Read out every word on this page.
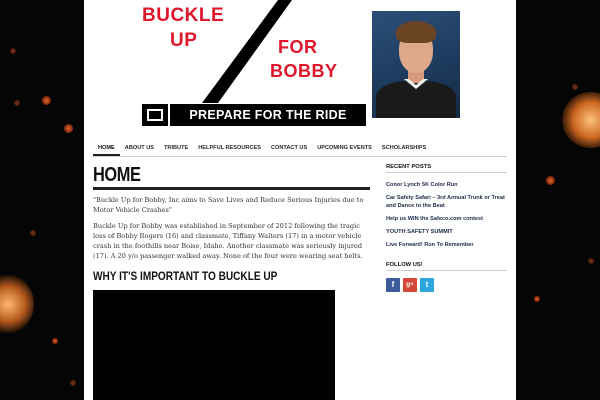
BUCKLE
UP	FOR
BOBBY
PREPARE FOR THE RIDE
HOME	ABOUT US	TRIBUTE	HELPFUL RESOURCES	CONTACT US	UPCOMING EVENTS	SCHOLARSHIPS
HOME

"Buckle Up for Bobby, Inc aims to Save Lives and Reduce Serious Injuries due to Motor Vehicle Crashes"

Buckle Up for Bobby was established in September of 2012 following the tragic loss of Bobby Rogers (16) and classmate, Tiffany Walters (17) in a motor vehicle crash in the foothills near Boise, Idaho. Another classmate was seriously injured (17). A 20 y/o passenger walked away. None of the four were wearing seat belts.

WHY IT'S IMPORTANT TO BUCKLE UP
RECENT POSTS
Conor Lynch 5K Color Run
Car Safety Safari – 3rd Annual Trunk or Treat and Dance to the Beat
Help us WIN the Safeco.com contest
YOUTH SAFETY SUMMIT
Live Forward! Run To Remember
FOLLOW US!
f	g+	t
